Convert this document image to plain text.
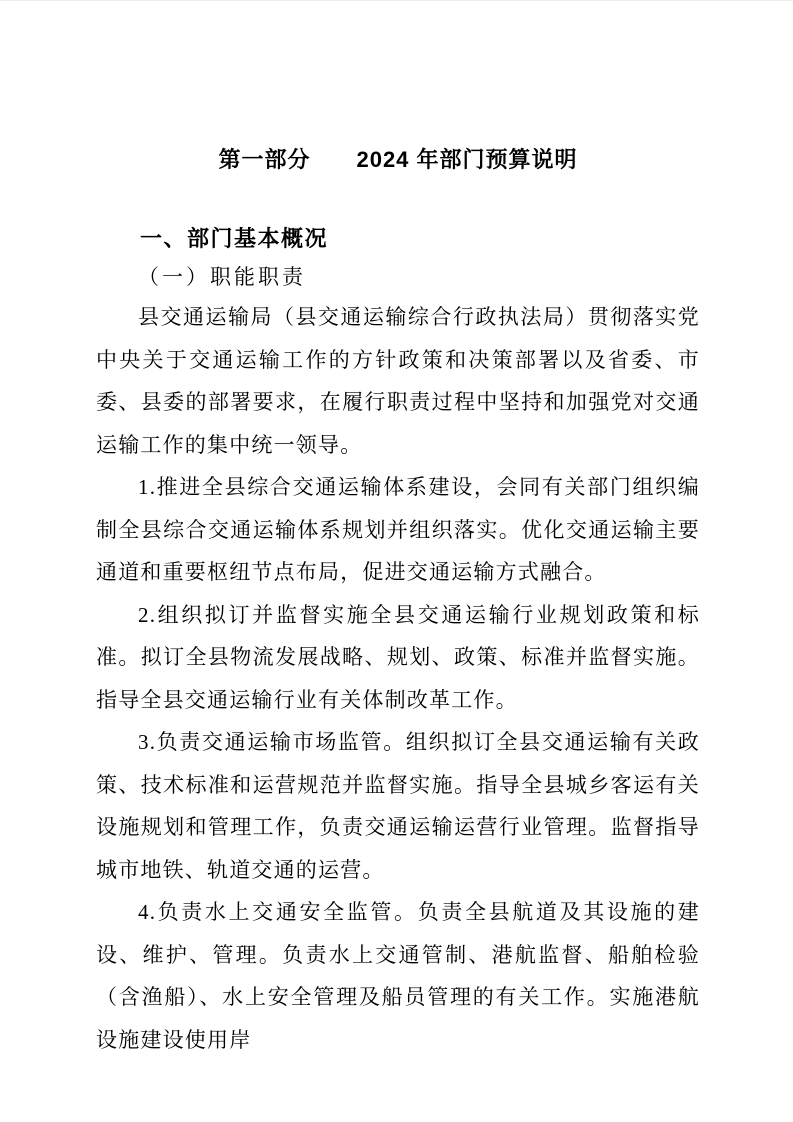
第一部分　　2024 年部门预算说明
一、部门基本概况
（一）职能职责

县交通运输局（县交通运输综合行政执法局）贯彻落实党中央关于交通运输工作的方针政策和决策部署以及省委、市委、县委的部署要求，在履行职责过程中坚持和加强党对交通运输工作的集中统一领导。

1.推进全县综合交通运输体系建设，会同有关部门组织编制全县综合交通运输体系规划并组织落实。优化交通运输主要通道和重要枢纽节点布局，促进交通运输方式融合。

2.组织拟订并监督实施全县交通运输行业规划政策和标准。拟订全县物流发展战略、规划、政策、标准并监督实施。指导全县交通运输行业有关体制改革工作。

3.负责交通运输市场监管。组织拟订全县交通运输有关政策、技术标准和运营规范并监督实施。指导全县城乡客运有关设施规划和管理工作，负责交通运输运营行业管理。监督指导城市地铁、轨道交通的运营。

4.负责水上交通安全监管。负责全县航道及其设施的建设、维护、管理。负责水上交通管制、港航监督、船舶检验（含渔船）、水上安全管理及船员管理的有关工作。实施港航设施建设使用岸
